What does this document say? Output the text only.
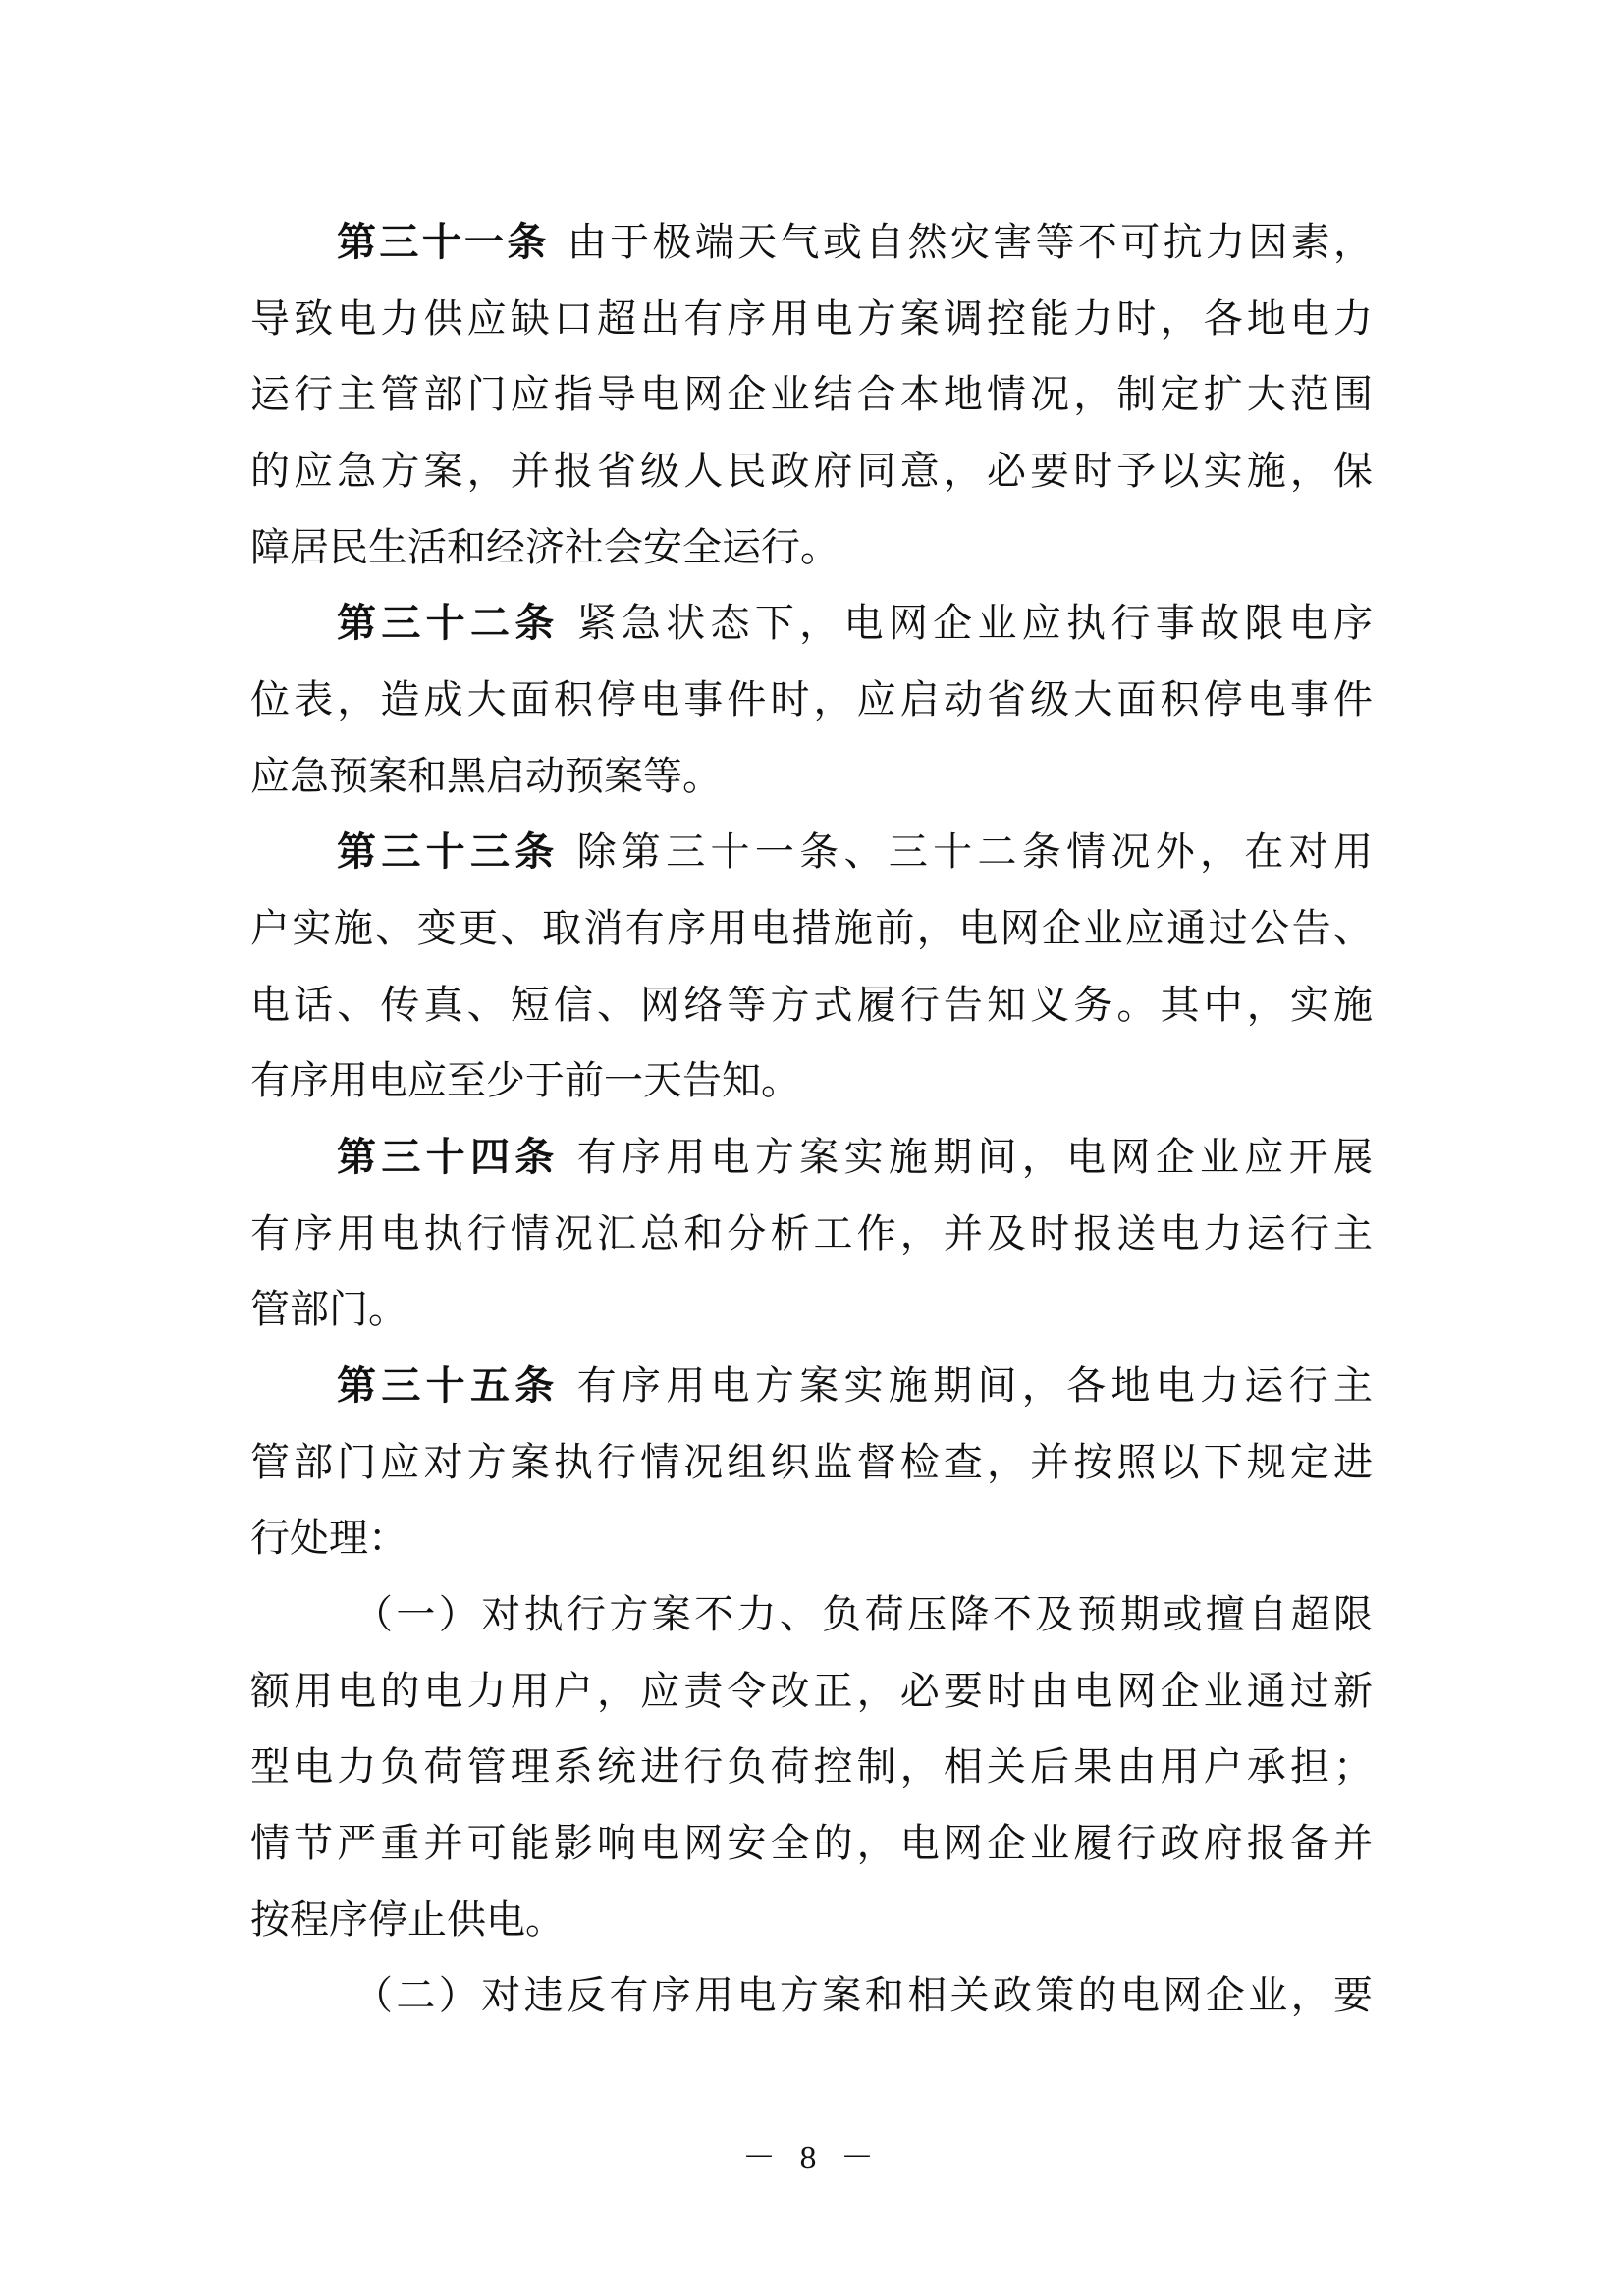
第三十一条 由于极端天气或自然灾害等不可抗力因素，
导致电力供应缺口超出有序用电方案调控能力时，各地电力
运行主管部门应指导电网企业结合本地情况，制定扩大范围
的应急方案，并报省级人民政府同意，必要时予以实施，保
障居民生活和经济社会安全运行。
第三十二条 紧急状态下，电网企业应执行事故限电序
位表，造成大面积停电事件时，应启动省级大面积停电事件
应急预案和黑启动预案等。
第三十三条 除第三十一条、三十二条情况外，在对用
户实施、变更、取消有序用电措施前，电网企业应通过公告、
电话、传真、短信、网络等方式履行告知义务。其中，实施
有序用电应至少于前一天告知。
第三十四条 有序用电方案实施期间，电网企业应开展
有序用电执行情况汇总和分析工作，并及时报送电力运行主
管部门。
第三十五条 有序用电方案实施期间，各地电力运行主
管部门应对方案执行情况组织监督检查，并按照以下规定进
行处理：
（一）对执行方案不力、负荷压降不及预期或擅自超限
额用电的电力用户，应责令改正，必要时由电网企业通过新
型电力负荷管理系统进行负荷控制，相关后果由用户承担；
情节严重并可能影响电网安全的，电网企业履行政府报备并
按程序停止供电。
（二）对违反有序用电方案和相关政策的电网企业，要
－ 8 －
